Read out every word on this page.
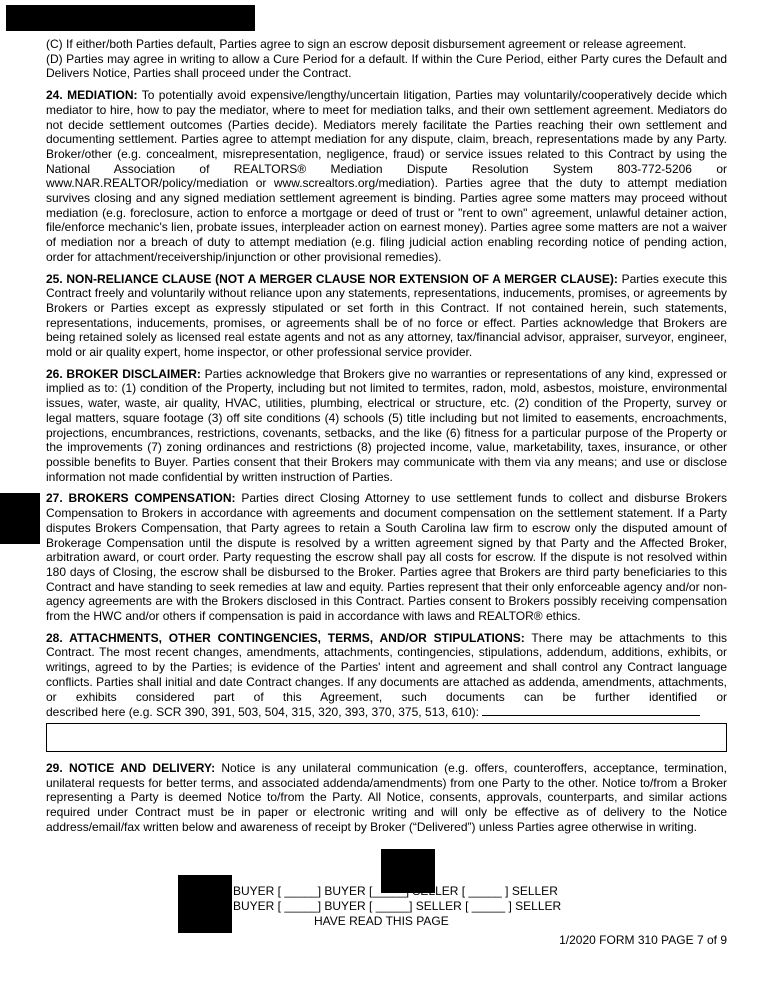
(C) If either/both Parties default, Parties agree to sign an escrow deposit disbursement agreement or release agreement.

(D) Parties may agree in writing to allow a Cure Period for a default. If within the Cure Period, either Party cures the Default and Delivers Notice, Parties shall proceed under the Contract.

24. MEDIATION: To potentially avoid expensive/lengthy/uncertain litigation, Parties may voluntarily/cooperatively decide which mediator to hire, how to pay the mediator, where to meet for mediation talks, and their own settlement agreement. Mediators do not decide settlement outcomes (Parties decide). Mediators merely facilitate the Parties reaching their own settlement and documenting settlement. Parties agree to attempt mediation for any dispute, claim, breach, representations made by any Party. Broker/other (e.g. concealment, misrepresentation, negligence, fraud) or service issues related to this Contract by using the National Association of REALTORS® Mediation Dispute Resolution System 803-772-5206 or www.NAR.REALTOR/policy/mediation or www.screaltors.org/mediation). Parties agree that the duty to attempt mediation survives closing and any signed mediation settlement agreement is binding. Parties agree some matters may proceed without mediation (e.g. foreclosure, action to enforce a mortgage or deed of trust or "rent to own" agreement, unlawful detainer action, file/enforce mechanic's lien, probate issues, interpleader action on earnest money). Parties agree some matters are not a waiver of mediation nor a breach of duty to attempt mediation (e.g. filing judicial action enabling recording notice of pending action, order for attachment/receivership/injunction or other provisional remedies).

25. NON-RELIANCE CLAUSE (NOT A MERGER CLAUSE NOR EXTENSION OF A MERGER CLAUSE): Parties execute this Contract freely and voluntarily without reliance upon any statements, representations, inducements, promises, or agreements by Brokers or Parties except as expressly stipulated or set forth in this Contract. If not contained herein, such statements, representations, inducements, promises, or agreements shall be of no force or effect. Parties acknowledge that Brokers are being retained solely as licensed real estate agents and not as any attorney, tax/financial advisor, appraiser, surveyor, engineer, mold or air quality expert, home inspector, or other professional service provider.

26. BROKER DISCLAIMER: Parties acknowledge that Brokers give no warranties or representations of any kind, expressed or implied as to: (1) condition of the Property, including but not limited to termites, radon, mold, asbestos, moisture, environmental issues, water, waste, air quality, HVAC, utilities, plumbing, electrical or structure, etc. (2) condition of the Property, survey or legal matters, square footage (3) off site conditions (4) schools (5) title including but not limited to easements, encroachments, projections, encumbrances, restrictions, covenants, setbacks, and the like (6) fitness for a particular purpose of the Property or the improvements (7) zoning ordinances and restrictions (8) projected income, value, marketability, taxes, insurance, or other possible benefits to Buyer. Parties consent that their Brokers may communicate with them via any means; and use or disclose information not made confidential by written instruction of Parties.

27. BROKERS COMPENSATION: Parties direct Closing Attorney to use settlement funds to collect and disburse Brokers Compensation to Brokers in accordance with agreements and document compensation on the settlement statement. If a Party disputes Brokers Compensation, that Party agrees to retain a South Carolina law firm to escrow only the disputed amount of Brokerage Compensation until the dispute is resolved by a written agreement signed by that Party and the Affected Broker, arbitration award, or court order. Party requesting the escrow shall pay all costs for escrow. If the dispute is not resolved within 180 days of Closing, the escrow shall be disbursed to the Broker. Parties agree that Brokers are third party beneficiaries to this Contract and have standing to seek remedies at law and equity. Parties represent that their only enforceable agency and/or non-agency agreements are with the Brokers disclosed in this Contract. Parties consent to Brokers possibly receiving compensation from the HWC and/or others if compensation is paid in accordance with laws and REALTOR® ethics.

28. ATTACHMENTS, OTHER CONTINGENCIES, TERMS, AND/OR STIPULATIONS: There may be attachments to this Contract. The most recent changes, amendments, attachments, contingencies, stipulations, addendum, additions, exhibits, or writings, agreed to by the Parties; is evidence of the Parties' intent and agreement and shall control any Contract language conflicts. Parties shall initial and date Contract changes. If any documents are attached as addenda, amendments, attachments, or exhibits considered part of this Agreement, such documents can be further identified or

described here (e.g. SCR 390, 391, 503, 504, 315, 320, 393, 370, 375, 513, 610):

29. NOTICE AND DELIVERY: Notice is any unilateral communication (e.g. offers, counteroffers, acceptance, termination, unilateral requests for better terms, and associated addenda/amendments) from one Party to the other. Notice to/from a Broker representing a Party is deemed Notice to/from the Party. All Notice, consents, approvals, counterparts, and similar actions required under Contract must be in paper or electronic writing and will only be effective as of delivery to the Notice address/email/fax written below and awareness of receipt by Broker (“Delivered”) unless Parties agree otherwise in writing.

BUYER [ _____] BUYER [_____] SELLER [ _____ ] SELLER
BUYER [ _____] BUYER [ _____] SELLER [ _____ ] SELLER
HAVE READ THIS PAGE
1/2020 FORM 310 PAGE 7 of 9
